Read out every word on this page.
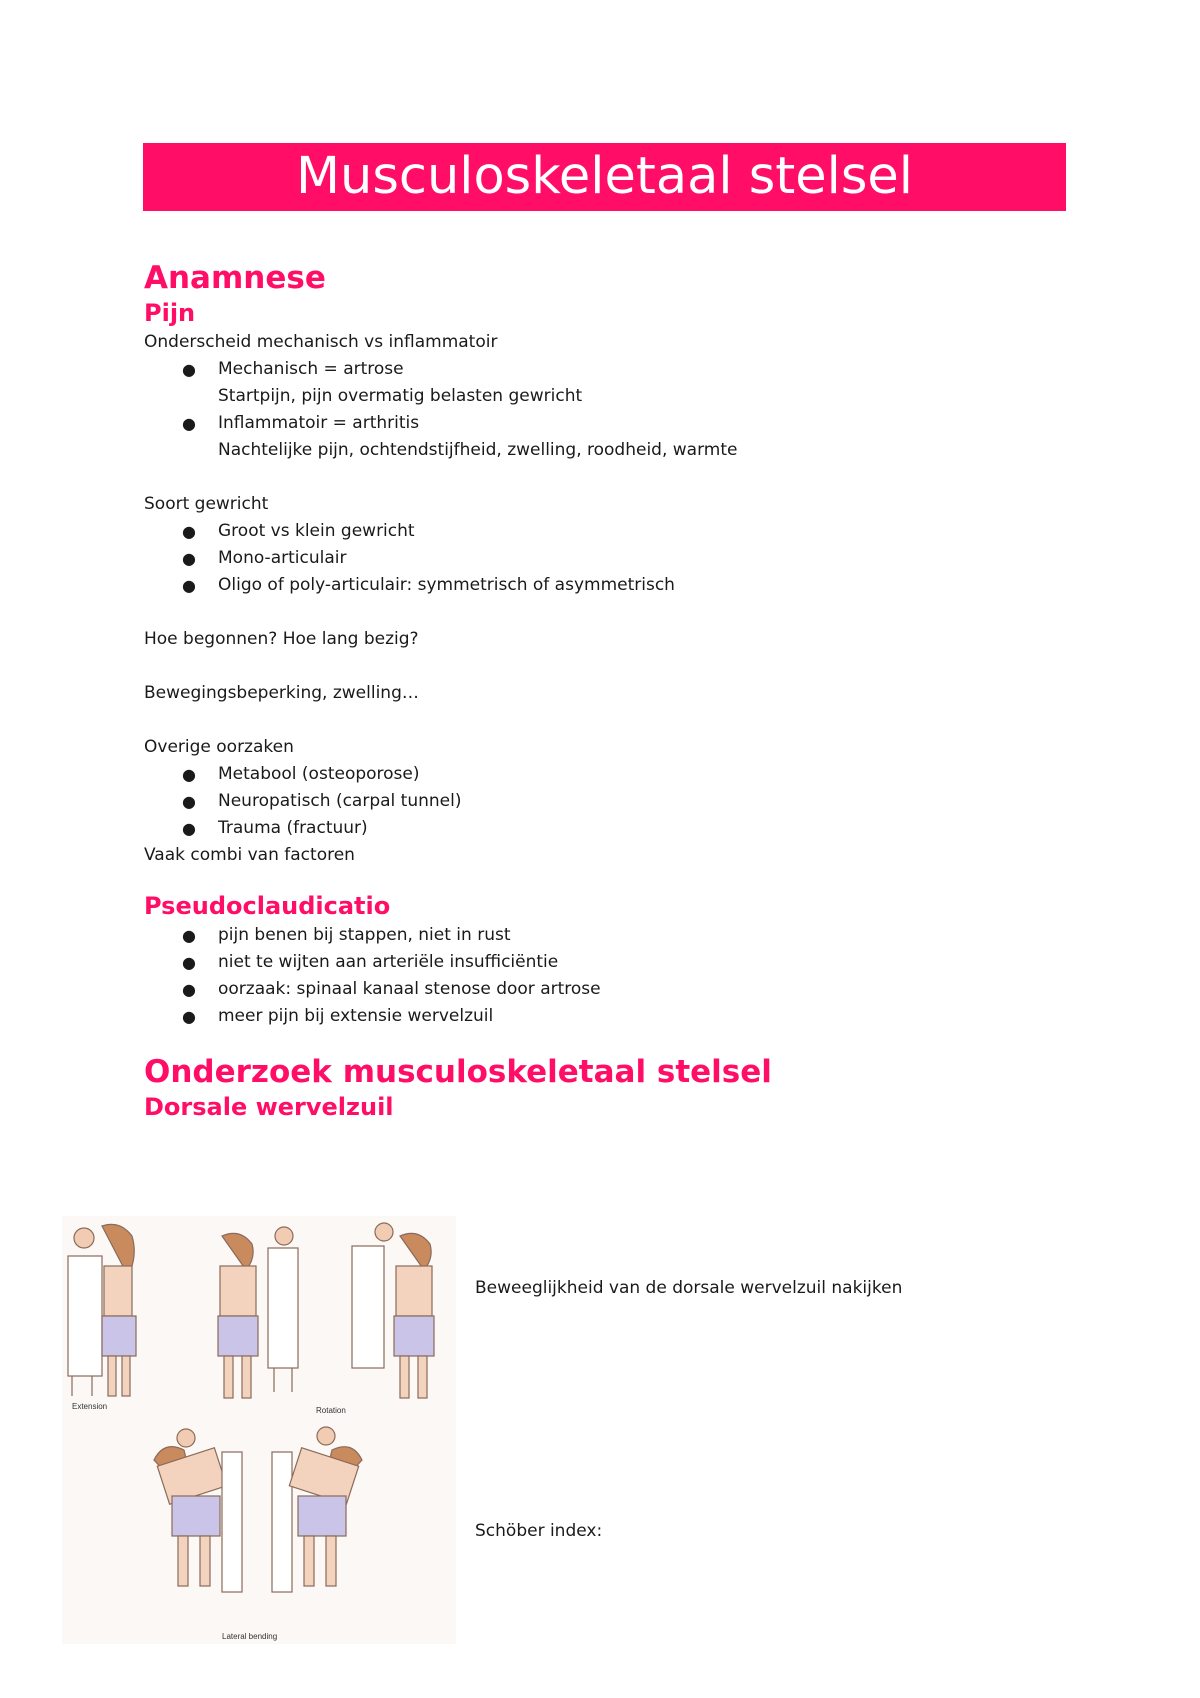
Musculoskeletaal stelsel
Anamnese
Pijn

Onderscheid mechanisch vs inflammatoir

● Mechanisch = artrose
Startpijn, pijn overmatig belasten gewricht
● Inflammatoir = arthritis
Nachtelijke pijn, ochtendstijfheid, zwelling, roodheid, warmte

Soort gewricht

● Groot vs klein gewricht
● Mono-articulair
● Oligo of poly-articulair: symmetrisch of asymmetrisch

Hoe begonnen? Hoe lang bezig?

Bewegingsbeperking, zwelling…

Overige oorzaken

● Metabool (osteoporose)
● Neuropatisch (carpal tunnel)
● Trauma (fractuur)

Vaak combi van factoren

Pseudoclaudicatio
● pijn benen bij stappen, niet in rust
● niet te wijten aan arteriële insufficiëntie
● oorzaak: spinaal kanaal stenose door artrose
● meer pijn bij extensie wervelzuil
Onderzoek musculoskeletaal stelsel
Dorsale wervelzuil
Extension	Rotation
Lateral bending

Beweeglijkheid van de dorsale wervelzuil nakijken

Schöber index:
